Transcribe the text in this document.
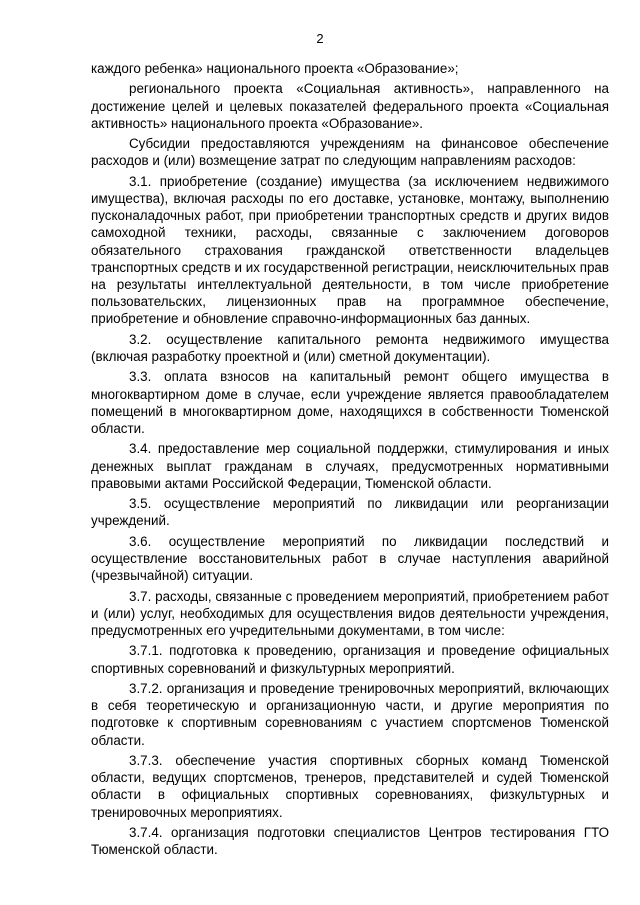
2

каждого ребенка» национального проекта «Образование»;

регионального проекта «Социальная активность», направленного на достижение целей и целевых показателей федерального проекта «Социальная активность» национального проекта «Образование».

Субсидии предоставляются учреждениям на финансовое обеспечение расходов и (или) возмещение затрат по следующим направлениям расходов:

3.1. приобретение (создание) имущества (за исключением недвижимого имущества), включая расходы по его доставке, установке, монтажу, выполнению пусконаладочных работ, при приобретении транспортных средств и других видов самоходной техники, расходы, связанные с заключением договоров обязательного страхования гражданской ответственности владельцев транспортных средств и их государственной регистрации, неисключительных прав на результаты интеллектуальной деятельности, в том числе приобретение пользовательских, лицензионных прав на программное обеспечение, приобретение и обновление справочно-информационных баз данных.

3.2. осуществление капитального ремонта недвижимого имущества (включая разработку проектной и (или) сметной документации).

3.3. оплата взносов на капитальный ремонт общего имущества в многоквартирном доме в случае, если учреждение является правообладателем помещений в многоквартирном доме, находящихся в собственности Тюменской области.

3.4. предоставление мер социальной поддержки, стимулирования и иных денежных выплат гражданам в случаях, предусмотренных нормативными правовыми актами Российской Федерации, Тюменской области.

3.5. осуществление мероприятий по ликвидации или реорганизации учреждений.

3.6. осуществление мероприятий по ликвидации последствий и осуществление восстановительных работ в случае наступления аварийной (чрезвычайной) ситуации.

3.7. расходы, связанные с проведением мероприятий, приобретением работ и (или) услуг, необходимых для осуществления видов деятельности учреждения, предусмотренных его учредительными документами, в том числе:

3.7.1. подготовка к проведению, организация и проведение официальных спортивных соревнований и физкультурных мероприятий.

3.7.2. организация и проведение тренировочных мероприятий, включающих в себя теоретическую и организационную части, и другие мероприятия по подготовке к спортивным соревнованиям с участием спортсменов Тюменской области.

3.7.3. обеспечение участия спортивных сборных команд Тюменской области, ведущих спортсменов, тренеров, представителей и судей Тюменской области в официальных спортивных соревнованиях, физкультурных и тренировочных мероприятиях.

3.7.4. организация подготовки специалистов Центров тестирования ГТО Тюменской области.
